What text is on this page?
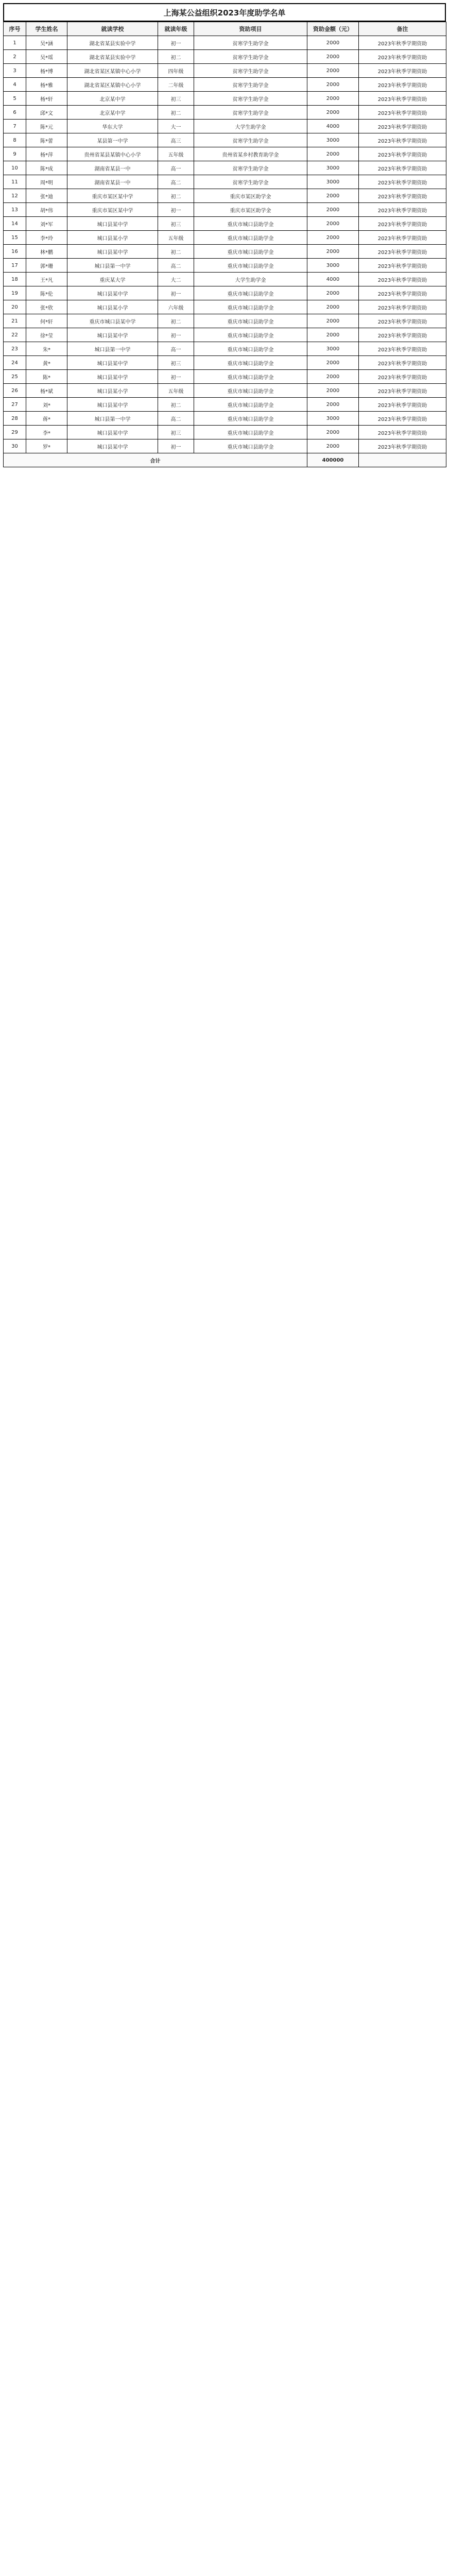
上海某公益组织2023年度助学名单
序号	学生姓名	就读学校	就读年级	资助项目	资助金额（元）	备注
1	吴*涵	湖北省某县实验中学	初一	贫寒学生助学金	2000	2023年秋季学期资助
2	吴*瑶	湖北省某县实验中学	初二	贫寒学生助学金	2000	2023年秋季学期资助
3	杨*博	湖北省某区某镇中心小学	四年级	贫寒学生助学金	2000	2023年秋季学期资助
4	杨*雅	湖北省某区某镇中心小学	二年级	贫寒学生助学金	2000	2023年秋季学期资助
5	杨*轩	北京某中学	初三	贫寒学生助学金	2000	2023年秋季学期资助
6	邱*文	北京某中学	初二	贫寒学生助学金	2000	2023年秋季学期资助
7	陈*元	华东大学	大一	大学生助学金	4000	2023年秋季学期资助
8	陈*蕾	某县第一中学	高三	贫寒学生助学金	3000	2023年秋季学期资助
9	杨*萍	贵州省某县某镇中心小学	五年级	贵州省某乡村教育助学金	2000	2023年秋季学期资助
10	陈*成	湖南省某县一中	高一	贫寒学生助学金	3000	2023年秋季学期资助
11	周*明	湖南省某县一中	高二	贫寒学生助学金	3000	2023年秋季学期资助
12	张*迪	重庆市某区某中学	初二	重庆市某区助学金	2000	2023年秋季学期资助
13	胡*伟	重庆市某区某中学	初一	重庆市某区助学金	2000	2023年秋季学期资助
14	刘*军	城口县某中学	初三	重庆市城口县助学金	2000	2023年秋季学期资助
15	李*玲	城口县某小学	五年级	重庆市城口县助学金	2000	2023年秋季学期资助
16	林*鹏	城口县某中学	初二	重庆市城口县助学金	2000	2023年秋季学期资助
17	郭*珊	城口县第一中学	高二	重庆市城口县助学金	3000	2023年秋季学期资助
18	王*凡	重庆某大学	大二	大学生助学金	4000	2023年秋季学期资助
19	陈*伦	城口县某中学	初一	重庆市城口县助学金	2000	2023年秋季学期资助
20	张*欣	城口县某小学	六年级	重庆市城口县助学金	2000	2023年秋季学期资助
21	何*轩	重庆市城口县某中学	初二	重庆市城口县助学金	2000	2023年秋季学期资助
22	徐*莹	城口县某中学	初一	重庆市城口县助学金	2000	2023年秋季学期资助
23	朱*	城口县第一中学	高一	重庆市城口县助学金	3000	2023年秋季学期资助
24	黄*	城口县某中学	初三	重庆市城口县助学金	2000	2023年秋季学期资助
25	陈*	城口县某中学	初一	重庆市城口县助学金	2000	2023年秋季学期资助
26	杨*斌	城口县某小学	五年级	重庆市城口县助学金	2000	2023年秋季学期资助
27	刘*	城口县某中学	初二	重庆市城口县助学金	2000	2023年秋季学期资助
28	蒋*	城口县第一中学	高二	重庆市城口县助学金	3000	2023年秋季学期资助
29	李*	城口县某中学	初三	重庆市城口县助学金	2000	2023年秋季学期资助
30	罗*	城口县某中学	初一	重庆市城口县助学金	2000	2023年秋季学期资助
合计					400000	
